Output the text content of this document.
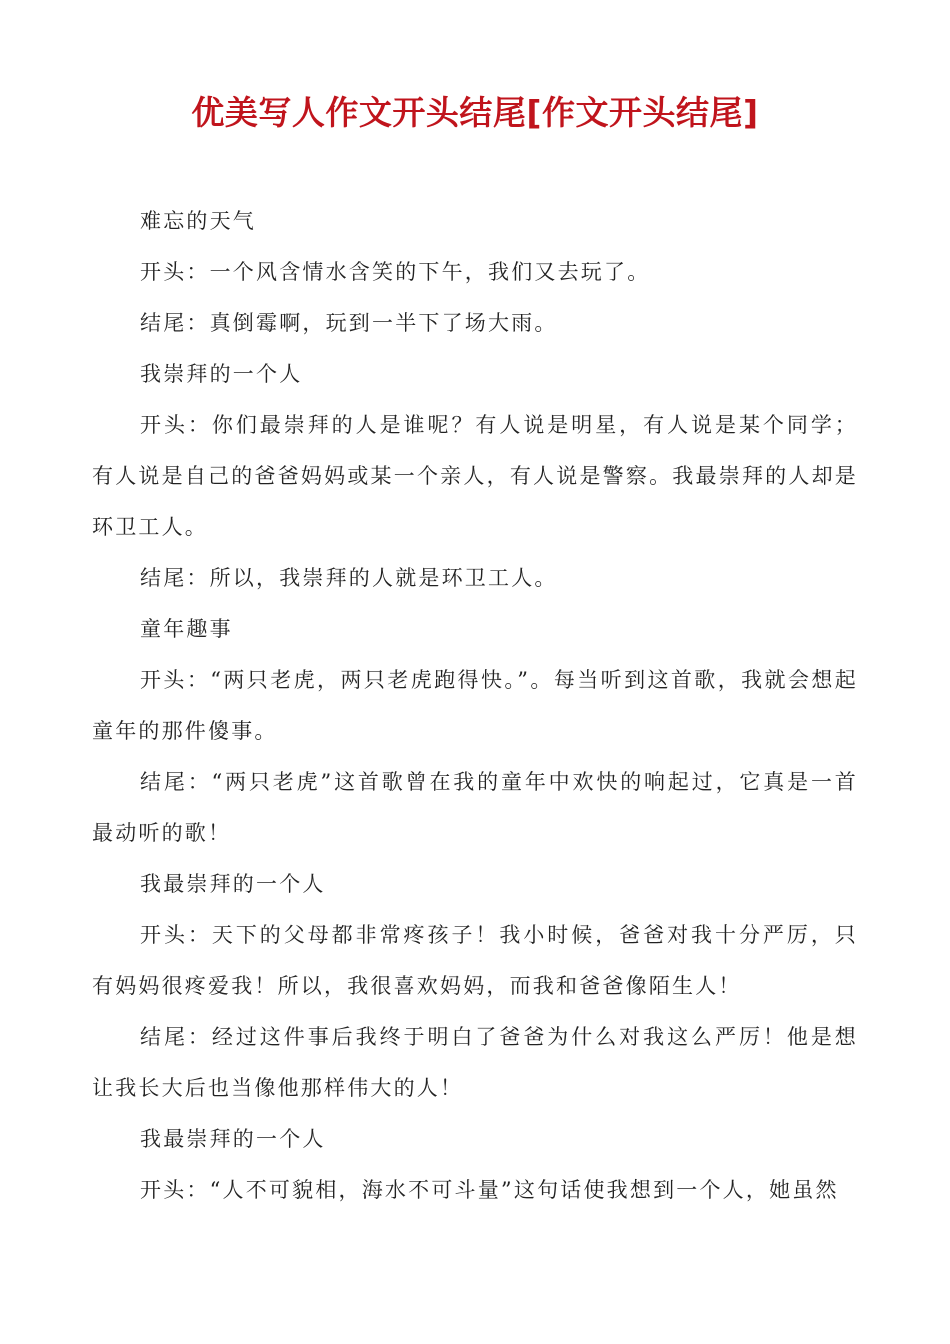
优美写人作文开头结尾[作文开头结尾]

难忘的天气

开头：一个风含情水含笑的下午，我们又去玩了。

结尾：真倒霉啊，玩到一半下了场大雨。

我崇拜的一个人

开头：你们最崇拜的人是谁呢？有人说是明星，有人说是某个同学；有人说是自己的爸爸妈妈或某一个亲人，有人说是警察。我最崇拜的人却是环卫工人。

结尾：所以，我崇拜的人就是环卫工人。

童年趣事

开头：“两只老虎，两只老虎跑得快。”。每当听到这首歌，我就会想起童年的那件傻事。

结尾：“两只老虎”这首歌曾在我的童年中欢快的响起过，它真是一首最动听的歌！

我最崇拜的一个人

开头：天下的父母都非常疼孩子！我小时候，爸爸对我十分严厉，只有妈妈很疼爱我！所以，我很喜欢妈妈，而我和爸爸像陌生人！

结尾：经过这件事后我终于明白了爸爸为什么对我这么严厉！他是想让我长大后也当像他那样伟大的人！

我最崇拜的一个人

开头：“人不可貌相，海水不可斗量”这句话使我想到一个人，她虽然
